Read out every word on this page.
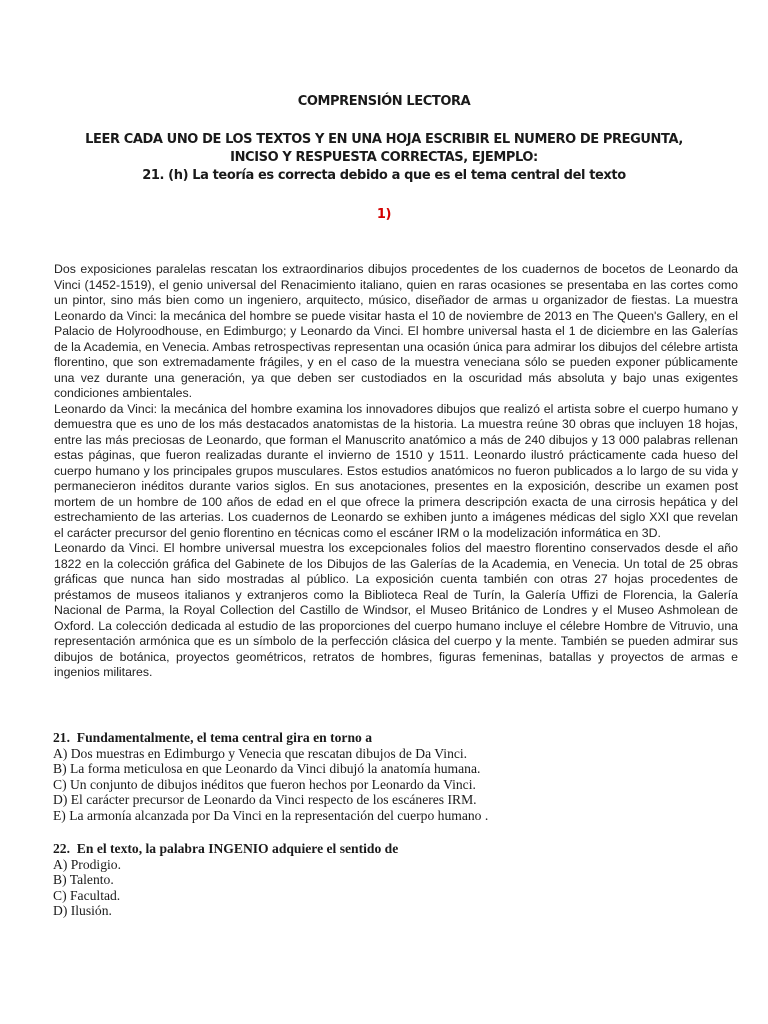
COMPRENSIÓN LECTORA
LEER CADA UNO DE LOS TEXTOS Y EN UNA HOJA ESCRIBIR EL NUMERO DE PREGUNTA,
INCISO Y RESPUESTA CORRECTAS, EJEMPLO:
21. (h) La teoría es correcta debido a que es el tema central del texto
1)

Dos exposiciones paralelas rescatan los extraordinarios dibujos procedentes de los cuadernos de bocetos de Leonardo da Vinci (1452-1519), el genio universal del Renacimiento italiano, quien en raras ocasiones se presentaba en las cortes como un pintor, sino más bien como un ingeniero, arquitecto, músico, diseñador de armas u organizador de fiestas. La muestra Leonardo da Vinci: la mecánica del hombre se puede visitar hasta el 10 de noviembre de 2013 en The Queen's Gallery, en el Palacio de Holyroodhouse, en Edimburgo; y Leonardo da Vinci. El hombre universal hasta el 1 de diciembre en las Galerías de la Academia, en Venecia. Ambas retrospectivas representan una ocasión única para admirar los dibujos del célebre artista florentino, que son extremadamente frágiles, y en el caso de la muestra veneciana sólo se pueden exponer públicamente una vez durante una generación, ya que deben ser custodiados en la oscuridad más absoluta y bajo unas exigentes condiciones ambientales.

Leonardo da Vinci: la mecánica del hombre examina los innovadores dibujos que realizó el artista sobre el cuerpo humano y demuestra que es uno de los más destacados anatomistas de la historia. La muestra reúne 30 obras que incluyen 18 hojas, entre las más preciosas de Leonardo, que forman el Manuscrito anatómico a más de 240 dibujos y 13 000 palabras rellenan estas páginas, que fueron realizadas durante el invierno de 1510 y 1511. Leonardo ilustró prácticamente cada hueso del cuerpo humano y los principales grupos musculares. Estos estudios anatómicos no fueron publicados a lo largo de su vida y permanecieron inéditos durante varios siglos. En sus anotaciones, presentes en la exposición, describe un examen post mortem de un hombre de 100 años de edad en el que ofrece la primera descripción exacta de una cirrosis hepática y del estrechamiento de las arterias. Los cuadernos de Leonardo se exhiben junto a imágenes médicas del siglo XXI que revelan el carácter precursor del genio florentino en técnicas como el escáner IRM o la modelización informática en 3D.

Leonardo da Vinci. El hombre universal muestra los excepcionales folios del maestro florentino conservados desde el año 1822 en la colección gráfica del Gabinete de los Dibujos de las Galerías de la Academia, en Venecia. Un total de 25 obras gráficas que nunca han sido mostradas al público. La exposición cuenta también con otras 27 hojas procedentes de préstamos de museos italianos y extranjeros como la Biblioteca Real de Turín, la Galería Uffizi de Florencia, la Galería Nacional de Parma, la Royal Collection del Castillo de Windsor, el Museo Británico de Londres y el Museo Ashmolean de Oxford. La colección dedicada al estudio de las proporciones del cuerpo humano incluye el célebre Hombre de Vitruvio, una representación armónica que es un símbolo de la perfección clásica del cuerpo y la mente. También se pueden admirar sus dibujos de botánica, proyectos geométricos, retratos de hombres, figuras femeninas, batallas y proyectos de armas e ingenios militares.

21.  Fundamentalmente, el tema central gira en torno a
A) Dos muestras en Edimburgo y Venecia que rescatan dibujos de Da Vinci.
B) La forma meticulosa en que Leonardo da Vinci dibujó la anatomía humana.
C) Un conjunto de dibujos inéditos que fueron hechos por Leonardo da Vinci.
D) El carácter precursor de Leonardo da Vinci respecto de los escáneres IRM.
E) La armonía alcanzada por Da Vinci en la representación del cuerpo humano .
22.  En el texto, la palabra INGENIO adquiere el sentido de
A) Prodigio.
B) Talento.
C) Facultad.
D) Ilusión.
